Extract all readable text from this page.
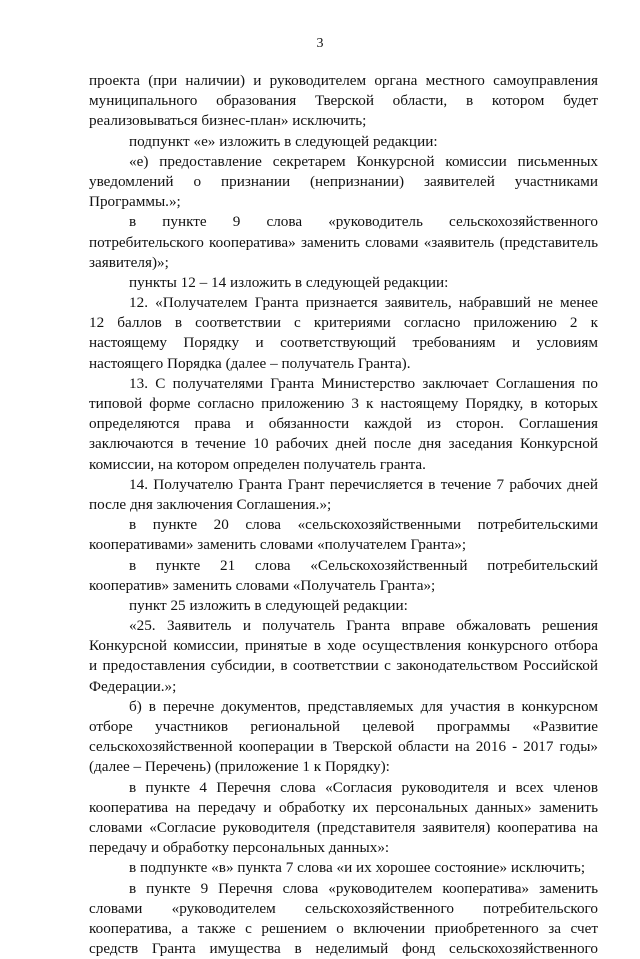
3
проекта (при наличии) и руководителем органа местного самоуправления
муниципального образования Тверской области, в котором будет
реализовываться бизнес-план» исключить;
подпункт «е» изложить в следующей редакции:
«е) предоставление секретарем Конкурсной комиссии письменных
уведомлений о признании (непризнании) заявителей участниками
Программы.»;
в пункте 9 слова «руководитель сельскохозяйственного
потребительского кооператива» заменить словами «заявитель (представитель
заявителя)»;
пункты 12 – 14 изложить в следующей редакции:
12. «Получателем Гранта признается заявитель, набравший не менее
12 баллов в соответствии с критериями согласно приложению 2 к
настоящему Порядку и соответствующий требованиям и условиям
настоящего Порядка (далее – получатель Гранта).
13. С получателями Гранта Министерство заключает Соглашения по
типовой форме согласно приложению 3 к настоящему Порядку, в которых
определяются права и обязанности каждой из сторон. Соглашения
заключаются в течение 10 рабочих дней после дня заседания Конкурсной
комиссии, на котором определен получатель гранта.
14. Получателю Гранта Грант перечисляется в течение 7 рабочих дней
после дня заключения Соглашения.»;
в пункте 20 слова «сельскохозяйственными потребительскими
кооперативами» заменить словами «получателем Гранта»;
в пункте 21 слова «Сельскохозяйственный потребительский
кооператив» заменить словами «Получатель Гранта»;
пункт 25 изложить в следующей редакции:
«25. Заявитель и получатель Гранта вправе обжаловать решения
Конкурсной комиссии, принятые в ходе осуществления конкурсного отбора
и предоставления субсидии, в соответствии с законодательством Российской
Федерации.»;
б) в перечне документов, представляемых для участия в конкурсном
отборе участников региональной целевой программы «Развитие
сельскохозяйственной кооперации в Тверской области на 2016 - 2017 годы»
(далее – Перечень) (приложение 1 к Порядку):
в пункте 4 Перечня слова «Согласия руководителя и всех членов
кооператива на передачу и обработку их персональных данных» заменить
словами «Согласие руководителя (представителя заявителя) кооператива на
передачу и обработку персональных данных»:
в подпункте «в» пункта 7 слова «и их хорошее состояние» исключить;
в пункте 9 Перечня слова «руководителем кооператива» заменить
словами «руководителем сельскохозяйственного потребительского
кооператива, а также с решением о включении приобретенного за счет
средств Гранта имущества в неделимый фонд сельскохозяйственного
